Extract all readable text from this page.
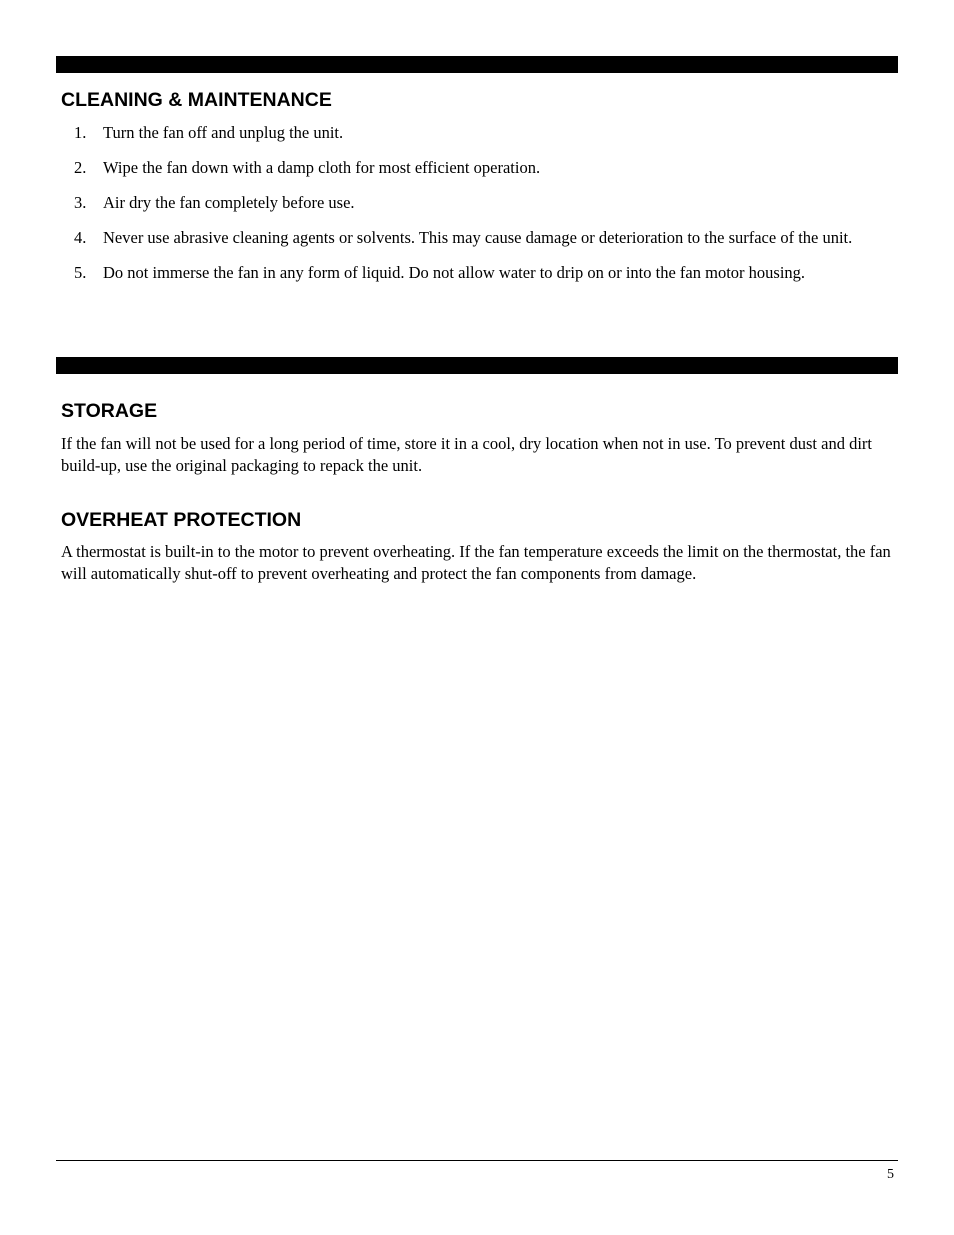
CLEANING & MAINTENANCE
1. Turn the fan off and unplug the unit.
2. Wipe the fan down with a damp cloth for most efficient operation.
3. Air dry the fan completely before use.
4. Never use abrasive cleaning agents or solvents. This may cause damage or deterioration to the surface of the unit.
5. Do not immerse the fan in any form of liquid. Do not allow water to drip on or into the fan motor housing.
STORAGE

If the fan will not be used for a long period of time, store it in a cool, dry location when not in use. To prevent dust and dirt build-up, use the original packaging to repack the unit.

OVERHEAT PROTECTION

A thermostat is built-in to the motor to prevent overheating. If the fan temperature exceeds the limit on the thermostat, the fan will automatically shut-off to prevent overheating and protect the fan components from damage.

5
